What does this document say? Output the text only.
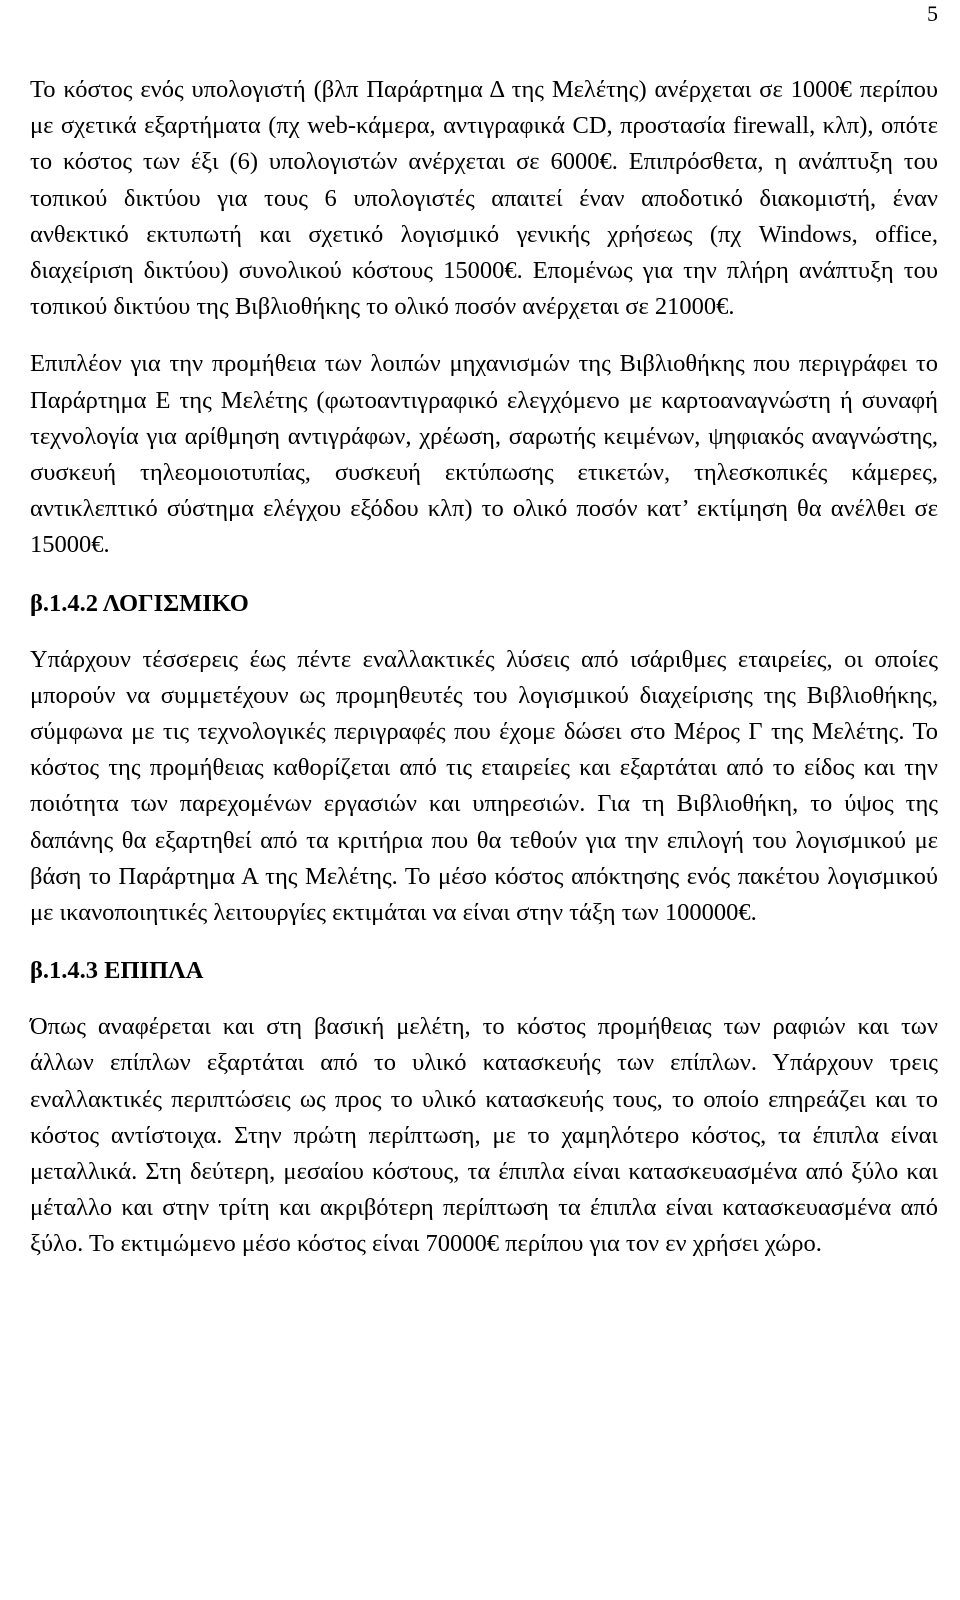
5

Το κόστος ενός υπολογιστή (βλπ Παράρτημα Δ της Μελέτης) ανέρχεται σε 1000€ περίπου με σχετικά εξαρτήματα (πχ web-κάμερα, αντιγραφικά CD, προστασία firewall, κλπ), οπότε το κόστος των έξι (6) υπολογιστών ανέρχεται σε 6000€. Επιπρόσθετα, η ανάπτυξη του τοπικού δικτύου για τους 6 υπολογιστές απαιτεί έναν αποδοτικό διακομιστή, έναν ανθεκτικό εκτυπωτή και σχετικό λογισμικό γενικής χρήσεως (πχ Windows, office, διαχείριση δικτύου) συνολικού κόστους 15000€. Επομένως για την πλήρη ανάπτυξη του τοπικού δικτύου της Βιβλιοθήκης το ολικό ποσόν ανέρχεται σε 21000€.

Επιπλέον για την προμήθεια των λοιπών μηχανισμών της Βιβλιοθήκης που περιγράφει το Παράρτημα Ε της Μελέτης (φωτοαντιγραφικό ελεγχόμενο με καρτοαναγνώστη ή συναφή τεχνολογία για αρίθμηση αντιγράφων, χρέωση, σαρωτής κειμένων, ψηφιακός αναγνώστης, συσκευή τηλεομοιοτυπίας, συσκευή εκτύπωσης ετικετών, τηλεσκοπικές κάμερες, αντικλεπτικό σύστημα ελέγχου εξόδου κλπ) το ολικό ποσόν κατ’ εκτίμηση θα ανέλθει σε 15000€.

β.1.4.2 ΛΟΓΙΣΜΙΚΟ

Υπάρχουν τέσσερεις έως πέντε εναλλακτικές λύσεις από ισάριθμες εταιρείες, οι οποίες μπορούν να συμμετέχουν ως προμηθευτές του λογισμικού διαχείρισης της Βιβλιοθήκης, σύμφωνα με τις τεχνολογικές περιγραφές που έχομε δώσει στο Μέρος Γ της Μελέτης. Το κόστος της προμήθειας καθορίζεται από τις εταιρείες και εξαρτάται από το είδος και την ποιότητα των παρεχομένων εργασιών και υπηρεσιών. Για τη Βιβλιοθήκη, το ύψος της δαπάνης θα εξαρτηθεί από τα κριτήρια που θα τεθούν για την επιλογή του λογισμικού με βάση το Παράρτημα Α της Μελέτης. Το μέσο κόστος απόκτησης ενός πακέτου λογισμικού με ικανοποιητικές λειτουργίες εκτιμάται να είναι στην τάξη των 100000€.

β.1.4.3 ΕΠΙΠΛΑ

Όπως αναφέρεται και στη βασική μελέτη, το κόστος προμήθειας των ραφιών και των άλλων επίπλων εξαρτάται από το υλικό κατασκευής των επίπλων. Υπάρχουν τρεις εναλλακτικές περιπτώσεις ως προς το υλικό κατασκευής τους, το οποίο επηρεάζει και το κόστος αντίστοιχα. Στην πρώτη περίπτωση, με το χαμηλότερο κόστος, τα έπιπλα είναι μεταλλικά. Στη δεύτερη, μεσαίου κόστους, τα έπιπλα είναι κατασκευασμένα από ξύλο και μέταλλο και στην τρίτη και ακριβότερη περίπτωση τα έπιπλα είναι κατασκευασμένα από ξύλο. Το εκτιμώμενο μέσο κόστος είναι 70000€ περίπου για τον εν χρήσει χώρο.
